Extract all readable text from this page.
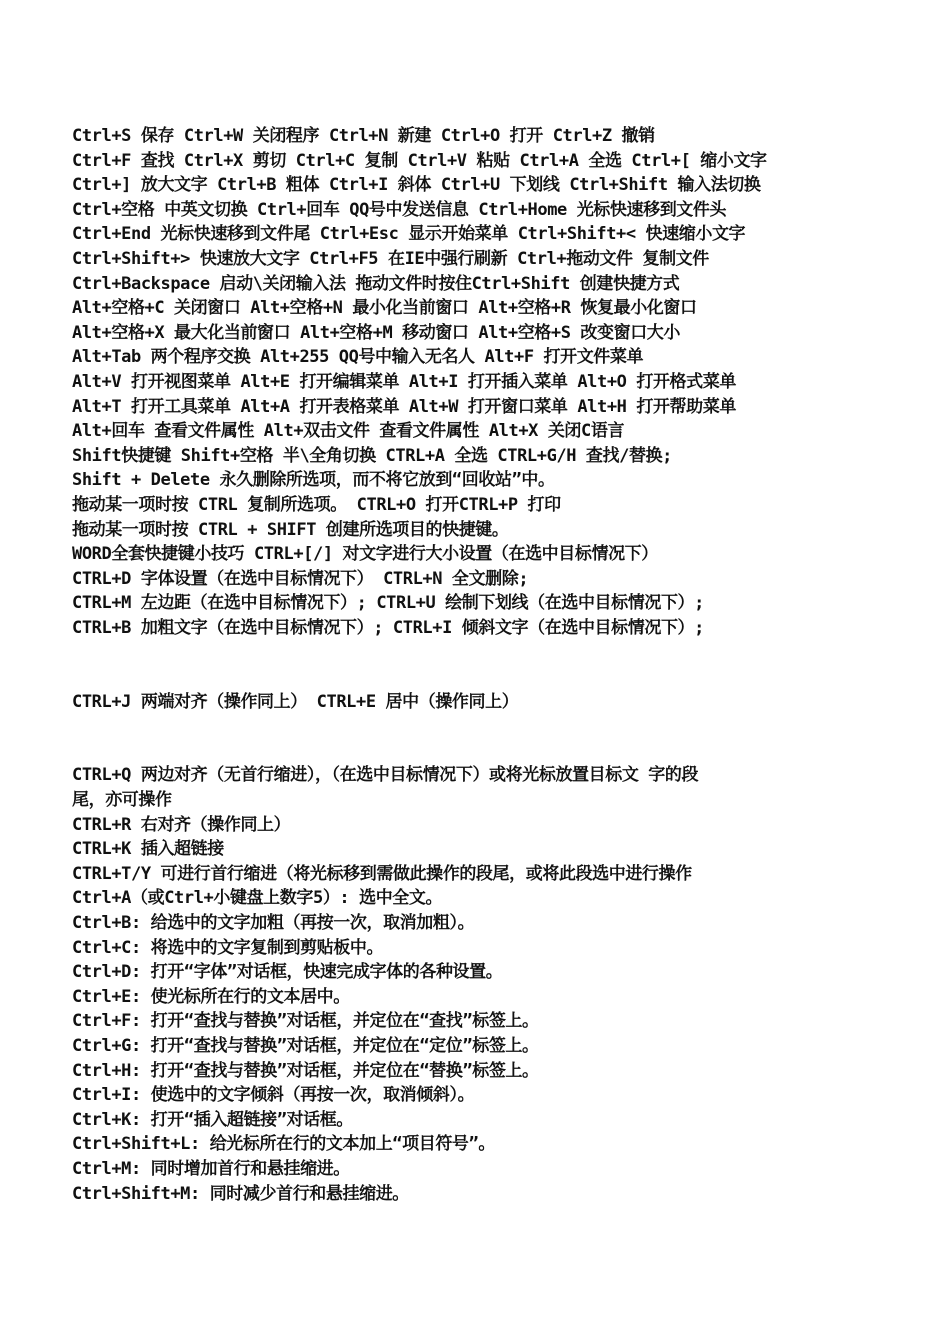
Ctrl+S 保存 Ctrl+W 关闭程序 Ctrl+N 新建 Ctrl+O 打开 Ctrl+Z 撤销
Ctrl+F 查找 Ctrl+X 剪切 Ctrl+C 复制 Ctrl+V 粘贴 Ctrl+A 全选 Ctrl+[ 缩小文字
Ctrl+] 放大文字 Ctrl+B 粗体 Ctrl+I 斜体 Ctrl+U 下划线 Ctrl+Shift 输入法切换
Ctrl+空格 中英文切换 Ctrl+回车 QQ号中发送信息 Ctrl+Home 光标快速移到文件头
Ctrl+End 光标快速移到文件尾 Ctrl+Esc 显示开始菜单 Ctrl+Shift+< 快速缩小文字
Ctrl+Shift+> 快速放大文字 Ctrl+F5 在IE中强行刷新 Ctrl+拖动文件 复制文件
Ctrl+Backspace 启动\关闭输入法 拖动文件时按住Ctrl+Shift 创建快捷方式
Alt+空格+C 关闭窗口 Alt+空格+N 最小化当前窗口 Alt+空格+R 恢复最小化窗口
Alt+空格+X 最大化当前窗口 Alt+空格+M 移动窗口 Alt+空格+S 改变窗口大小
Alt+Tab 两个程序交换 Alt+255 QQ号中输入无名人 Alt+F 打开文件菜单
Alt+V 打开视图菜单 Alt+E 打开编辑菜单 Alt+I 打开插入菜单 Alt+O 打开格式菜单
Alt+T 打开工具菜单 Alt+A 打开表格菜单 Alt+W 打开窗口菜单 Alt+H 打开帮助菜单
Alt+回车 查看文件属性 Alt+双击文件 查看文件属性 Alt+X 关闭C语言
Shift快捷键 Shift+空格 半\全角切换 CTRL+A 全选 CTRL+G/H 查找/替换;
Shift + Delete 永久删除所选项，而不将它放到“回收站”中。
拖动某一项时按 CTRL 复制所选项。 CTRL+O 打开CTRL+P 打印
拖动某一项时按 CTRL + SHIFT 创建所选项目的快捷键。
WORD全套快捷键小技巧 CTRL+[/] 对文字进行大小设置（在选中目标情况下）
CTRL+D 字体设置（在选中目标情况下） CTRL+N 全文删除;
CTRL+M 左边距（在选中目标情况下）; CTRL+U 绘制下划线（在选中目标情况下）;
CTRL+B 加粗文字（在选中目标情况下）; CTRL+I 倾斜文字（在选中目标情况下）;
CTRL+J 两端对齐（操作同上） CTRL+E 居中（操作同上）
CTRL+Q 两边对齐（无首行缩进），（在选中目标情况下）或将光标放置目标文 字的段
尾，亦可操作
CTRL+R 右对齐（操作同上）
CTRL+K 插入超链接
CTRL+T/Y 可进行首行缩进（将光标移到需做此操作的段尾，或将此段选中进行操作
Ctrl+A（或Ctrl+小键盘上数字5）: 选中全文。
Ctrl+B: 给选中的文字加粗（再按一次，取消加粗）。
Ctrl+C: 将选中的文字复制到剪贴板中。
Ctrl+D: 打开“字体”对话框，快速完成字体的各种设置。
Ctrl+E: 使光标所在行的文本居中。
Ctrl+F: 打开“查找与替换”对话框，并定位在“查找”标签上。
Ctrl+G: 打开“查找与替换”对话框，并定位在“定位”标签上。
Ctrl+H: 打开“查找与替换”对话框，并定位在“替换”标签上。
Ctrl+I: 使选中的文字倾斜（再按一次，取消倾斜）。
Ctrl+K: 打开“插入超链接”对话框。
Ctrl+Shift+L: 给光标所在行的文本加上“项目符号”。
Ctrl+M: 同时增加首行和悬挂缩进。
Ctrl+Shift+M: 同时减少首行和悬挂缩进。
